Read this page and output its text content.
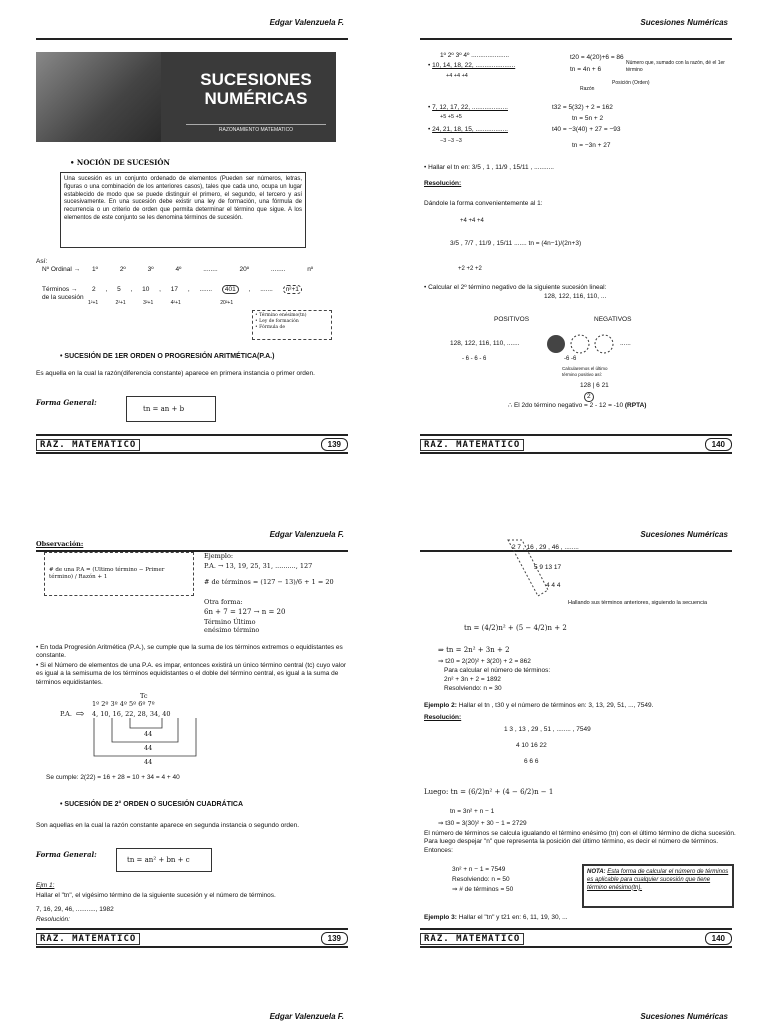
Edgar Valenzuela F.
SUCESIONES
NUMÉRICAS
RAZONAMIENTO MATEMATICO
• NOCIÓN DE SUCESIÓN
Una sucesión es un conjunto ordenado de elementos (Pueden ser números, letras, figuras o una combinación de los anteriores casos), tales que cada uno, ocupa un lugar establecido de modo que se puede distinguir el primero, el segundo, el tercero y así sucesivamente. En una sucesión debe existir una ley de formación, una fórmula de recurrencia o un criterio de orden que permita determinar el término que sigue. A los elementos de este conjunto se les denomina términos de sucesión.
Así:
Nº Ordinal → 1º	2º	3º	4º	........ 20º	........	nº
Términos →
de la sucesión
2 , 5 , 10 , 17 , ....... 401 , ....... n²+1
1²+1	2²+1	3²+1	4²+1	20²+1
• Término enésimo(tn)
• Ley de formación
• Fórmula de
• SUCESIÓN DE 1ER ORDEN O PROGRESIÓN ARITMÉTICA(P.A.)
Es aquella en la cual la razón(diferencia constante) aparece en primera instancia o primer orden.
Forma General:
tn = an + b
RAZ. MATEMATICO	139
Sucesiones Numéricas
1º 2º 3º 4º .....................
• 10, 14, 18, 22, ......................
+4 +4 +4
t20 = 4(20)+6 = 86
tn = 4n + 6
Número que, sumado con la razón, dé el 1er término
Razón
Posición (Orden)
• 7, 12, 17, 22, ....................
+5 +5 +5
t32 = 5(32) + 2 = 162
tn = 5n + 2
• 24, 21, 18, 15, ..................
−3 −3 −3
t40 = −3(40) + 27 = −93
tn = −3n + 27
• Hallar el tn en: 3/5 , 1 , 11/9 , 15/11 , ...........
Resolución:
Dándole la forma convenientemente al 1:
+4 +4 +4
3/5 , 7/7 , 11/9 , 15/11 ....... tn = (4n−1)/(2n+3)
+2 +2 +2
• Calcular el 2º término negativo de la siguiente sucesión lineal:
128, 122, 116, 110, ...
POSITIVOS	NEGATIVOS
128, 122, 116, 110, .......	......
- 6 - 6 - 6	-6 -6
Calcularemos el último término positivo así:
128 | 6 21
2
∴ El 2do término negativo = 2 - 12 = -10 (RPTA)
RAZ. MATEMATICO	140
Edgar Valenzuela F.
Observación:
# de una P.A = (Ultimo término − Primer término) / Razón + 1
Ejemplo:
P.A. → 13, 19, 25, 31, .........., 127
# de términos = (127 − 13)/6 + 1 = 20
Otra forma:
6n + 7 = 127 → n = 20
Término Último
enésimo término
• En toda Progresión Aritmética (P.A.), se cumple que la suma de los términos extremos o equidistantes es constante.
• Si el Número de elementos de una P.A. es impar, entonces existirá un único término central (tc) cuyo valor es igual a la semisuma de los términos equidistantes o el doble del término central, es igual a la suma de términos equidistantes.
Tc
1º 2º 3º 4º 5º 6º 7º
P.A. ⇨ 4, 10, 16, 22, 28, 34, 40
44
44
44
Se cumple: 2(22) = 16 + 28 = 10 + 34 = 4 + 40
• SUCESIÓN DE 2° ORDEN O SUCESIÓN CUADRÁTICA
Son aquellas en la cual la razón constante aparece en segunda instancia o segundo orden.
Forma General:
tn = an² + bn + c
Ejm 1:
Hallar el "tn", el vigésimo término de la siguiente sucesión y el número de términos.
7, 16, 29, 46, ..........., 1982
Resolución:
RAZ. MATEMATICO	139
Edgar Valenzuela F.
Sucesiones Numéricas
2 7 , 16 , 29 , 46 , ........
5 9 13 17
4 4 4
Hallando sus términos anteriores, siguiendo la secuencia
tn = (4/2)n² + (5 − 4/2)n + 2
⇒ tn = 2n² + 3n + 2
⇒ t20 = 2(20)² + 3(20) + 2 = 862
Para calcular el número de términos:
2n² + 3n + 2 = 1892
Resolviendo: n = 30
Ejemplo 2: Hallar el tn , t30 y el número de términos en: 3, 13, 29, 51, ..., 7549.
Resolución:
1 3 , 13 , 29 , 51 , ........ , 7549
4 10 16 22
6 6 6
Luego: tn = (6/2)n² + (4 − 6/2)n − 1
tn = 3n² + n − 1
⇒ t30 = 3(30)² + 30 − 1 = 2729
El número de términos se calcula igualando el término enésimo (tn) con el último término de dicha sucesión. Para luego despejar "n" que representa la posición del último término, es decir el número de términos. Entonces:
3n² + n − 1 = 7549
Resolviendo: n = 50
⇒ # de términos = 50
NOTA: Esta forma de calcular el número de términos es aplicable para cualquier sucesión que tiene término enésimo(tn).
Ejemplo 3: Hallar el "tn" y t21 en: 6, 11, 19, 30, ...
RAZ. MATEMATICO	140
Sucesiones Numéricas
